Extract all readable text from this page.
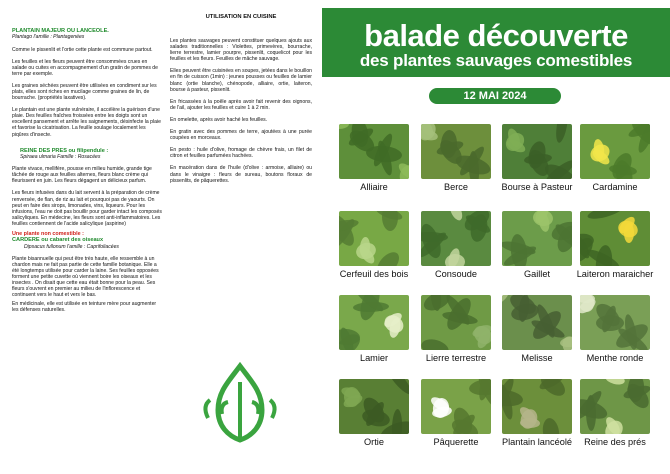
PLANTAIN MAJEUR OU LANCEOLE.
Plantago l'amille : Plantagenées

Comme le pissenlit et l'ortie cette plante est commune partout.

Les feuilles et les fleurs peuvent être consommées crues en salade ou cuites en accompagnement d'un gratin de pommes de terre par exemple.

Les graines séchées peuvent être utilisées en condiment sur les plats, elles sont riches en mucilage comme graines de lin, de bourrache. (propriétés laxatives).

Le plantain est une plante vulnéraire, il accélère la guérison d'une plaie. Des feuilles fraîches froissées entre les doigts sont un excellent pansement et arrête les saignements, désinfecte la plaie et favorise la cicatrisation. La feuille soulage localement les piqûres d'insecte.

REINE DES PRES ou filipendule :
Spiraea ulmaria Famille : Rosacées

Plante vivace, mellifère, pousse en milieu humide, grande tige tâchée de rouge aux feuilles alternes, fleurs blanc crème qui fleurissent en juin. Les fleurs dégagent un délicieux parfum.

Les fleurs infusées dans du lait servent à la préparation de crème renversée, de flan, de riz au lait et pourquoi pas de yaourts. On peut en faire des sirops, limonades, vins, liqueurs. Pour les infusions, l'eau ne doit pas bouillir pour garder intact les composés salicyliques. En médecine, les fleurs sont anti-inflammatoires. Les feuilles contiennent de l'acide salicylique (aspirine)

Une plante non comestible :
CARDERE ou cabaret des oiseaux
Dipsacus fullonum l'amille : Caprifoliacées

Plante bisannuelle qui peut être très haute, elle ressemble à un chardon mais ne fait pas partie de cette famille botanique. Elle a été longtemps utilisée pour carder la laine. Ses feuilles opposées forment une petite cuvette où viennent boire les oiseaux et les insectes . On disait que cette eau était bonne pour la peau. Ses fleurs s'ouvrent en premier au milieu de l'inflorescence et continuent vers le haut et vers le bas.

En médicinale, elle est utilisée en teinture mère pour augmenter les défenses naturelles.

UTILISATION EN CUISINE

Les plantes sauvages peuvent constituer quelques ajouts aux salades traditionnelles : Violettes, primevères, bourrache, lierre terrestre, lamier pourpre, pissenlit, coquelicot pour les feuilles et les fleurs. Feuilles de mâche sauvage.

Elles peuvent être cuisinées en soupes, jetées dans le bouillon en fin de cuisson (1min) : jeunes pousses ou feuilles de lamier blanc (ortie blanche), chénopode, alliaire, ortie, laiteron, bourse à pasteur, pissenlit.

En fricassées à la poêle après avoir fait revenir des oignons, de l'ail, ajouter les feuilles et cuire 1 à 2 min.

En omelette, après avoir haché les feuilles.

En gratin avec des pommes de terre, ajoutées à une purée coupées en morceaux.

En pesto : huile d'olive, fromage de chèvre frais, un filet de citron et feuilles parfumées hachées.

En macération dans de l'huile (d'olive : armoise, alliaire) ou dans le vinaigre : fleurs de sureau, boutons floraux de pissenlits, de pâquerettes.

balade découverte
des plantes sauvages comestibles
12 MAI 2024
Alliaire	Berce	Bourse à Pasteur	Cardamine
Cerfeuil des bois	Consoude	Gaillet	Laiteron maraicher
Lamier	Lierre terrestre	Melisse	Menthe ronde
Ortie	Pâquerette	Plantain lancéolé	Reine des prés
